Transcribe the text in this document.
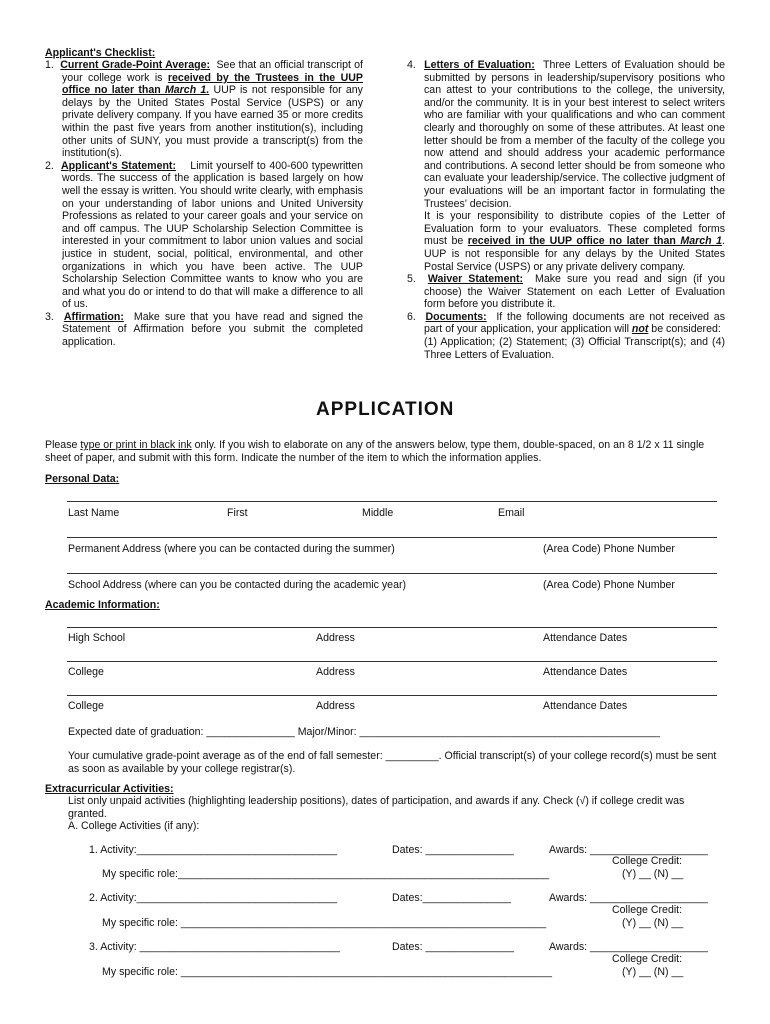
Applicant's Checklist:
1. Current Grade-Point Average: See that an official transcript of your college work is received by the Trustees in the UUP office no later than March 1. UUP is not responsible for any delays by the United States Postal Service (USPS) or any private delivery company. If you have earned 35 or more credits within the past five years from another institution(s), including other units of SUNY, you must provide a transcript(s) from the institution(s).
2. Applicant's Statement: Limit yourself to 400-600 typewritten words. The success of the application is based largely on how well the essay is written. You should write clearly, with emphasis on your understanding of labor unions and United University Professions as related to your career goals and your service on and off campus. The UUP Scholarship Selection Committee is interested in your commitment to labor union values and social justice in student, social, political, environmental, and other organizations in which you have been active. The UUP Scholarship Selection Committee wants to know who you are and what you do or intend to do that will make a difference to all of us.
3. Affirmation: Make sure that you have read and signed the Statement of Affirmation before you submit the completed application.
4. Letters of Evaluation: Three Letters of Evaluation should be submitted by persons in leadership/supervisory positions who can attest to your contributions to the college, the university, and/or the community. It is in your best interest to select writers who are familiar with your qualifications and who can comment clearly and thoroughly on some of these attributes. At least one letter should be from a member of the faculty of the college you now attend and should address your academic performance and contributions. A second letter should be from someone who can evaluate your leadership/service. The collective judgment of your evaluations will be an important factor in formulating the Trustees' decision.
It is your responsibility to distribute copies of the Letter of Evaluation form to your evaluators. These completed forms must be received in the UUP office no later than March 1. UUP is not responsible for any delays by the United States Postal Service (USPS) or any private delivery company.
5. Waiver Statement: Make sure you read and sign (if you choose) the Waiver Statement on each Letter of Evaluation form before you distribute it.
6. Documents: If the following documents are not received as part of your application, your application will not be considered:
(1) Application; (2) Statement; (3) Official Transcript(s); and (4) Three Letters of Evaluation.
APPLICATION
Please type or print in black ink only. If you wish to elaborate on any of the answers below, type them, double-spaced, on an 8 1/2 x 11 single sheet of paper, and submit with this form. Indicate the number of the item to which the information applies.
Personal Data:
Last Name	First	Middle	Email
Permanent Address (where you can be contacted during the summer)	(Area Code) Phone Number
School Address (where can you be contacted during the academic year)	(Area Code) Phone Number
Academic Information:
High School	Address	Attendance Dates
College	Address	Attendance Dates
College	Address	Attendance Dates
Expected date of graduation: _______________ Major/Minor: ___________________________________________________
Your cumulative grade-point average as of the end of fall semester: _________. Official transcript(s) of your college record(s) must be sent as soon as available by your college registrar(s).
Extracurricular Activities:
List only unpaid activities (highlighting leadership positions), dates of participation, and awards if any. Check (√) if college credit was granted.
A. College Activities (if any):
1. Activity:__________________________________	Dates: _______________	Awards: ____________________
College Credit:
My specific role:_______________________________________________________________	(Y) __ (N) __
2. Activity:__________________________________	Dates:_______________	Awards: ____________________
College Credit:
My specific role: ______________________________________________________________	(Y) __ (N) __
3. Activity: __________________________________	Dates: _______________	Awards: ____________________
College Credit:
My specific role: _______________________________________________________________	(Y) __ (N) __
